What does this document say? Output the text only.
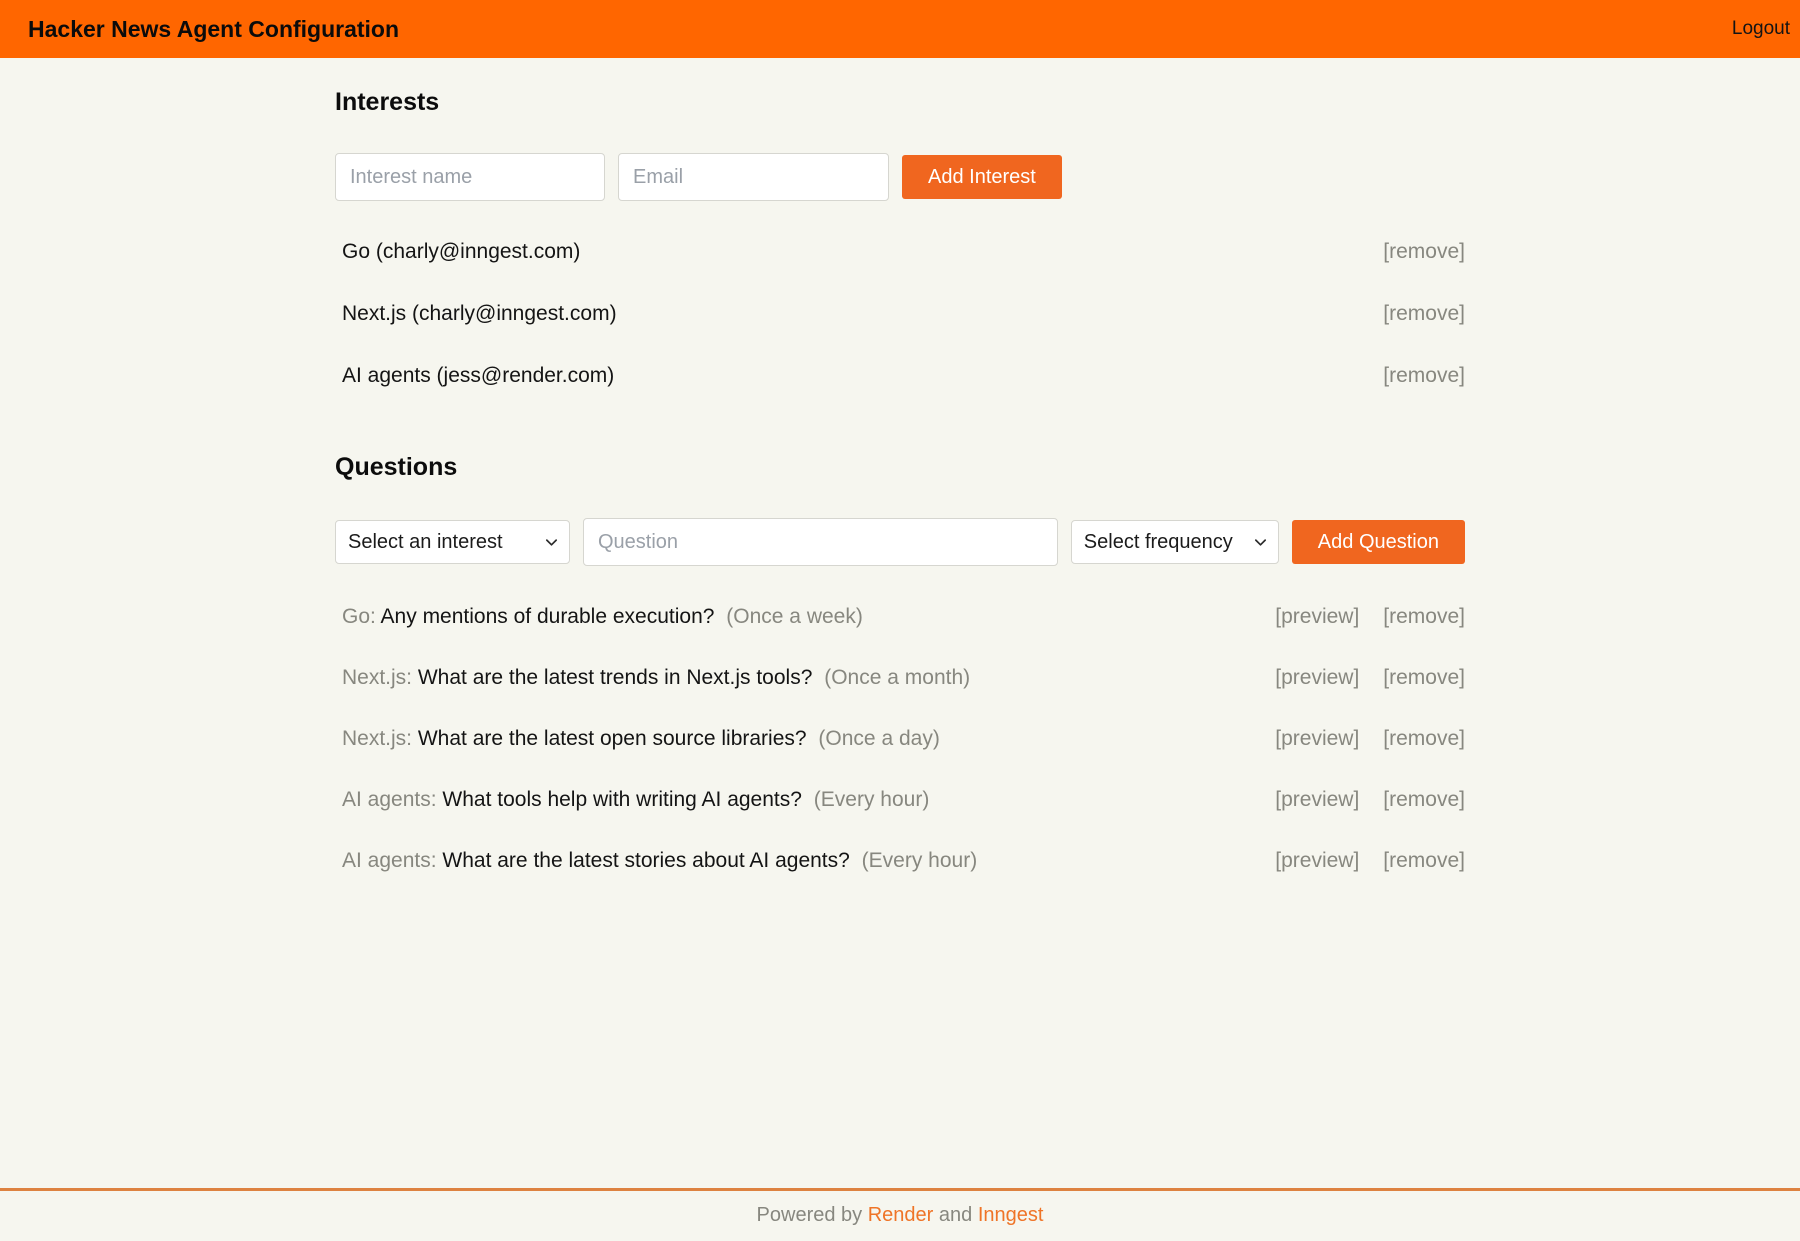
Hacker News Agent Configuration	Logout
Interests
Interest name
Email
Add Interest
Go (charly@inngest.com)	[remove]
Next.js (charly@inngest.com)	[remove]
AI agents (jess@render.com)	[remove]
Questions
Select an interest
Question
Select frequency
Add Question
Go: Any mentions of durable execution? (Once a week)	[preview] [remove]
Next.js: What are the latest trends in Next.js tools? (Once a month)	[preview] [remove]
Next.js: What are the latest open source libraries? (Once a day)	[preview] [remove]
AI agents: What tools help with writing AI agents? (Every hour)	[preview] [remove]
AI agents: What are the latest stories about AI agents? (Every hour)	[preview] [remove]
Powered by Render and Inngest
